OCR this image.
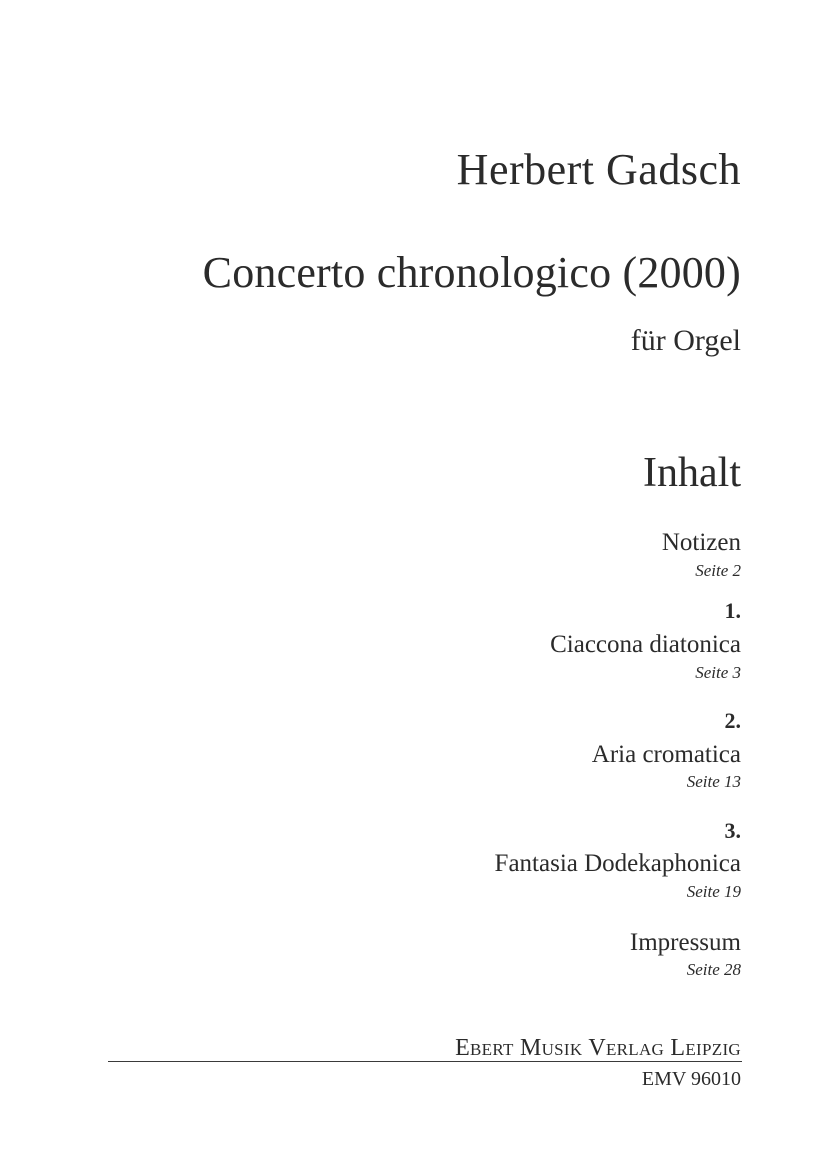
Herbert Gadsch
Concerto chronologico (2000)
für Orgel
Inhalt
Notizen
Seite 2
1.
Ciaccona diatonica
Seite 3
2.
Aria cromatica
Seite 13
3.
Fantasia Dodekaphonica
Seite 19
Impressum
Seite 28
Ebert Musik Verlag Leipzig
EMV 96010
